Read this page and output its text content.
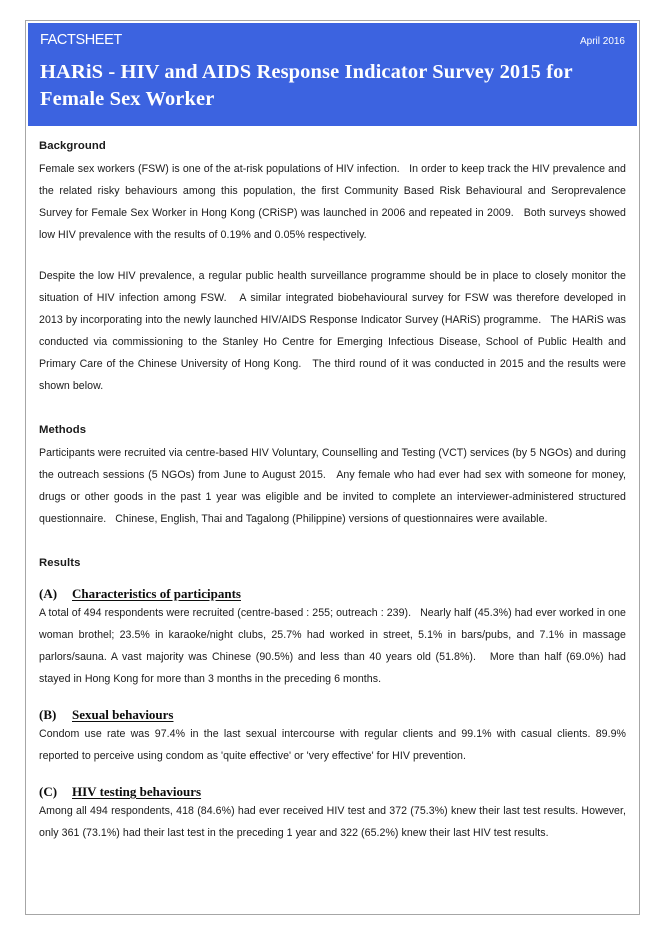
FACTSHEET	April 2016
HARiS - HIV and AIDS Response Indicator Survey 2015 for Female Sex Worker
Background

Female sex workers (FSW) is one of the at-risk populations of HIV infection.   In order to keep track the HIV prevalence and the related risky behaviours among this population, the first Community Based Risk Behavioural and Seroprevalence Survey for Female Sex Worker in Hong Kong (CRiSP) was launched in 2006 and repeated in 2009.   Both surveys showed low HIV prevalence with the results of 0.19% and 0.05% respectively.

Despite the low HIV prevalence, a regular public health surveillance programme should be in place to closely monitor the situation of HIV infection among FSW.   A similar integrated biobehavioural survey for FSW was therefore developed in 2013 by incorporating into the newly launched HIV/AIDS Response Indicator Survey (HARiS) programme.   The HARiS was conducted via commissioning to the Stanley Ho Centre for Emerging Infectious Disease, School of Public Health and Primary Care of the Chinese University of Hong Kong.   The third round of it was conducted in 2015 and the results were shown below.

Methods

Participants were recruited via centre-based HIV Voluntary, Counselling and Testing (VCT) services (by 5 NGOs) and during the outreach sessions (5 NGOs) from June to August 2015.   Any female who had ever had sex with someone for money, drugs or other goods in the past 1 year was eligible and be invited to complete an interviewer-administered structured questionnaire.   Chinese, English, Thai and Tagalong (Philippine) versions of questionnaires were available.

Results
(A)	Characteristics of participants

A total of 494 respondents were recruited (centre-based : 255; outreach : 239).   Nearly half (45.3%) had ever worked in one woman brothel; 23.5% in karaoke/night clubs, 25.7% had worked in street, 5.1% in bars/pubs, and 7.1% in massage parlors/sauna. A vast majority was Chinese (90.5%) and less than 40 years old (51.8%).   More than half (69.0%) had stayed in Hong Kong for more than 3 months in the preceding 6 months.

(B)	Sexual behaviours

Condom use rate was 97.4% in the last sexual intercourse with regular clients and 99.1% with casual clients. 89.9% reported to perceive using condom as 'quite effective' or 'very effective' for HIV prevention.

(C)	HIV testing behaviours

Among all 494 respondents, 418 (84.6%) had ever received HIV test and 372 (75.3%) knew their last test results. However, only 361 (73.1%) had their last test in the preceding 1 year and 322 (65.2%) knew their last HIV test results.
